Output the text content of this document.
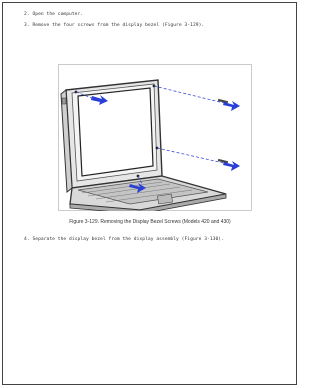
2. Open the computer.
3. Remove the four screws from the display bezel (Figure 3-129).
Figure 3-129. Removing the Display Bezel Screws (Models 420 and 430)
4. Separate the display bezel from the display assembly (Figure 3-130).
